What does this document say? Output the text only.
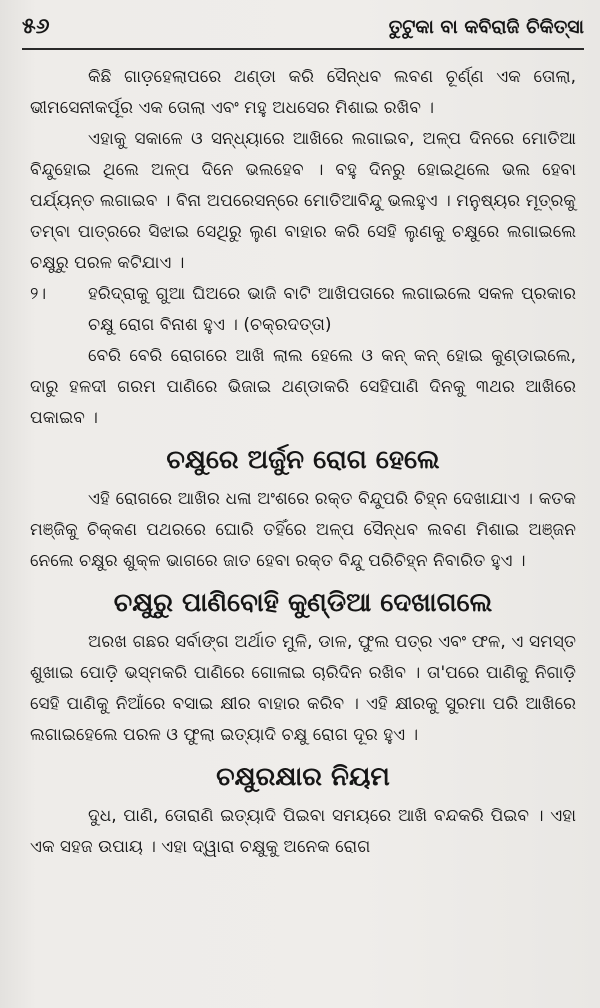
୫୬	ତୁଟୁକା ବା କବିରାଜି ଚିକିତ୍ସା

କିଛି ଗାଡ଼ହେଲାପରେ ଥଣ୍ଡା କରି ସୈନ୍ଧବ ଲବଣ ଚୂର୍ଣ୍ଣ ଏକ ତୋଲା, ଭୀମସେନୀକର୍ପୂର ଏକ ତୋଲା ଏବଂ ମହୁ ଅଧସେର ମିଶାଇ ରଖିବ ।

ଏହାକୁ ସକାଳେ ଓ ସନ୍ଧ୍ୟାରେ ଆଖିରେ ଲଗାଇବ, ଅଳ୍ପ ଦିନରେ ମୋତିଆ ବିନ୍ଦୁହୋଇ ଥିଲେ ଅଳ୍ପ ଦିନେ ଭଲହେବ । ବହୁ ଦିନରୁ ହୋଇଥିଲେ ଭଲ ହେବା ପର୍ଯ୍ୟନ୍ତ ଲଗାଇବ । ବିନା ଅପରେସନ୍‌ରେ ମୋତିଆବିନ୍ଦୁ ଭଲହୁଏ । ମନୁଷ୍ୟର ମୂତ୍ରକୁ ତମ୍ବା ପାତ୍ରରେ ସିଝାଇ ସେଥିରୁ ଲୁଣ ବାହାର କରି ସେହି ଲୁଣକୁ ଚକ୍ଷୁରେ ଲଗାଇଲେ ଚକ୍ଷୁରୁ ପରଳ କଟିଯାଏ ।

୨।	ହରିଦ୍ରାକୁ ଗୁଆ ଘିଅରେ ଭାଜି ବାଟି ଆଖିପତାରେ ଲଗାଇଲେ ସକଳ ପ୍ରକାର ଚକ୍ଷୁ ରୋଗ ବିନାଶ ହୁଏ । (ଚକ୍ରଦତ୍ତା)

ବେରି ବେରି ରୋଗରେ ଆଖି ଲାଲ ହେଲେ ଓ କନ୍ କନ୍ ହୋଇ କୁଣ୍ଡାଇଲେ, ଦାରୁ ହଳଦୀ ଗରମ ପାଣିରେ ଭିଜାଇ ଥଣ୍ଡାକରି ସେହିପାଣି ଦିନକୁ ୩ଥର ଆଖିରେ ପକାଇବ ।

ଚକ୍ଷୁରେ ଅର୍ଜୁନ ରୋଗ ହେଲେ

ଏହି ରୋଗରେ ଆଖିର ଧଳା ଅଂଶରେ ରକ୍ତ ବିନ୍ଦୁପରି ଚିହ୍ନ ଦେଖାଯାଏ । କତକ ମଞ୍ଜିକୁ ଚିକ୍କଣ ପଥରରେ ଘୋରି ତହିଁରେ ଅଳ୍ପ ସୈନ୍ଧବ ଲବଣ ମିଶାଇ ଅଞ୍ଜନ ନେଲେ ଚକ୍ଷୁର ଶୁକ୍ଳ ଭାଗରେ ଜାତ ହେବା ରକ୍ତ ବିନ୍ଦୁ ପରିଚିହ୍ନ ନିବାରିତ ହୁଏ ।

ଚକ୍ଷୁରୁ ପାଣିବୋହି କୁଣ୍ଡିଆ ଦେଖାଗଲେ

ଅରଖ ଗଛର ସର୍ବାଙ୍ଗ ଅର୍ଥାତ ମୁଳି, ଡାଳ, ଫୁଲ ପତ୍ର ଏବଂ ଫଳ, ଏ ସମସ୍ତ ଶୁଖାଇ ପୋଡ଼ି ଭସ୍ମକରି ପାଣିରେ ଗୋଳାଇ ଚାରିଦିନ ରଖିବ । ତା'ପରେ ପାଣିକୁ ନିଗାଡ଼ି ସେହି ପାଣିକୁ ନିଆଁରେ ବସାଇ କ୍ଷୀର ବାହାର କରିବ । ଏହି କ୍ଷୀରକୁ ସୁରମା ପରି ଆଖିରେ ଲଗାଇହେଲେ ପରଳ ଓ ଫୁଲା ଇତ୍ୟାଦି ଚକ୍ଷୁ ରୋଗ ଦୂର ହୁଏ ।

ଚକ୍ଷୁରକ୍ଷାର ନିୟମ

ଦୁଧ, ପାଣି, ତୋରାଣି ଇତ୍ୟାଦି ପିଇବା ସମୟରେ ଆଖି ବନ୍ଦକରି ପିଇବ । ଏହା ଏକ ସହଜ ଉପାୟ । ଏହା ଦ୍ୱାରା ଚକ୍ଷୁକୁ ଅନେକ ରୋଗ
